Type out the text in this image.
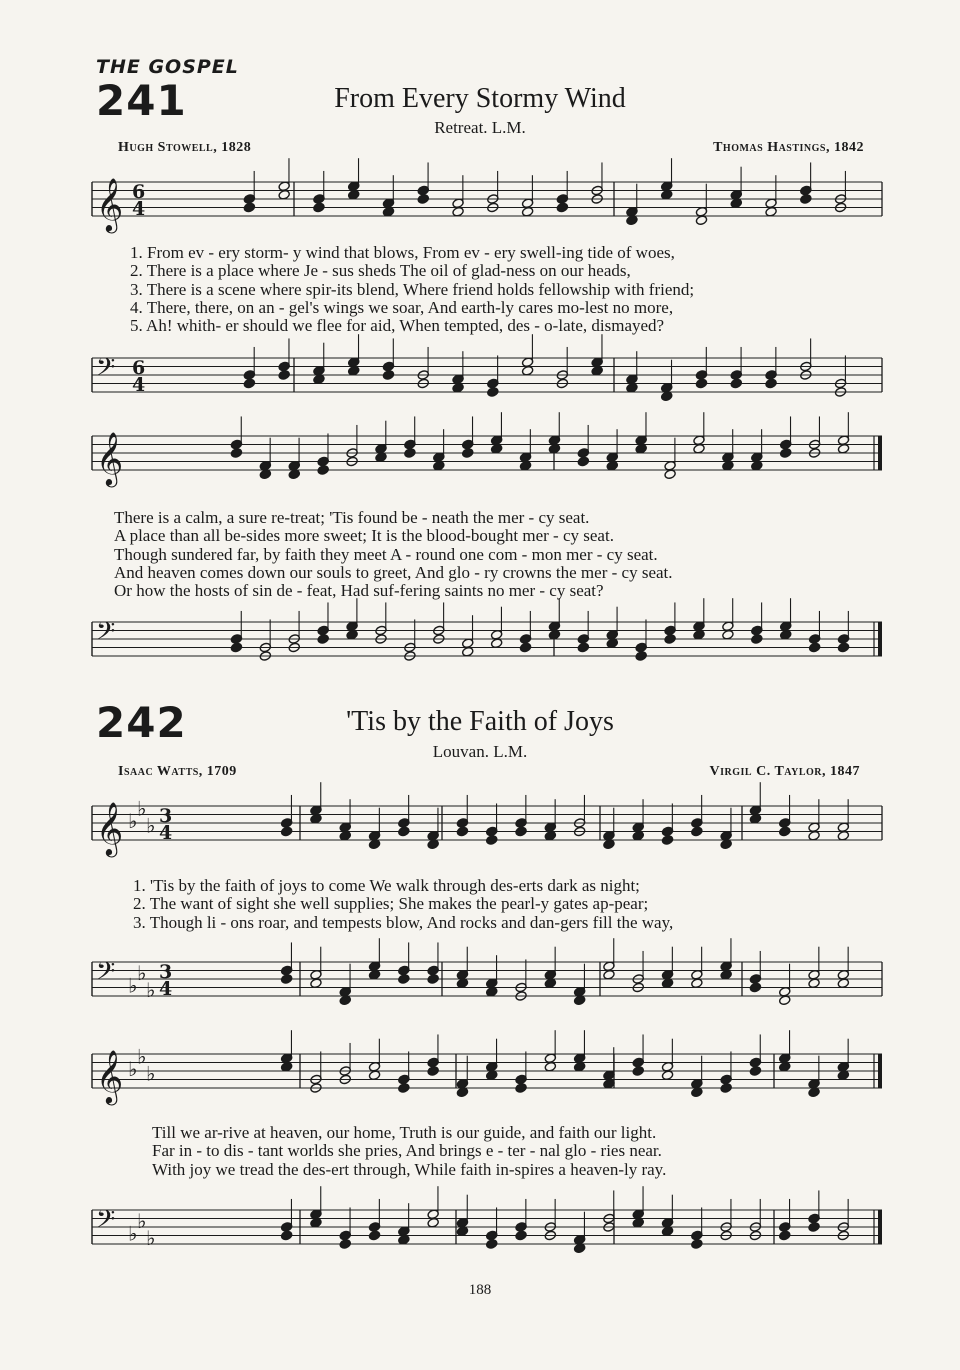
THE GOSPEL
241	From Every Stormy Wind
Retreat. L.M.
Hugh Stowell, 1828	Thomas Hastings, 1842
𝄞 6
4
1. From ev - ery storm- y wind that blows, From ev - ery swell-ing tide of woes,
2. There is a place where Je - sus sheds The oil of glad-ness on our heads,
3. There is a scene where spir-its blend, Where friend holds fellowship with friend;
4. There, there, on an - gel's wings we soar, And earth-ly cares mo-lest no more,
5. Ah! whith- er should we flee for aid, When tempted, des - o-late, dismayed?
𝄢 6
4
𝄞
There is a calm, a sure re-treat; 'Tis found be - neath the mer - cy seat.
A place than all be-sides more sweet; It is the blood-bought mer - cy seat.
Though sundered far, by faith they meet A - round one com - mon mer - cy seat.
And heaven comes down our souls to greet, And glo - ry crowns the mer - cy seat.
Or how the hosts of sin de - feat, Had suf-fering saints no mer - cy seat?
𝄢
242	'Tis by the Faith of Joys
Louvan. L.M.
Isaac Watts, 1709	Virgil C. Taylor, 1847
𝄞 ♭
♭
♭ 3
4
1. 'Tis by the faith of joys to come We walk through des-erts dark as night;
2. The want of sight she well supplies; She makes the pearl-y gates ap-pear;
3. Though li - ons roar, and tempests blow, And rocks and dan-gers fill the way,
𝄢 ♭
♭
♭
3
4
𝄞 ♭
♭
♭
Till we ar-rive at heaven, our home, Truth is our guide, and faith our light.
Far in - to dis - tant worlds she pries, And brings e - ter - nal glo - ries near.
With joy we tread the des-ert through, While faith in-spires a heaven-ly ray.
𝄢 ♭
♭
♭
188
